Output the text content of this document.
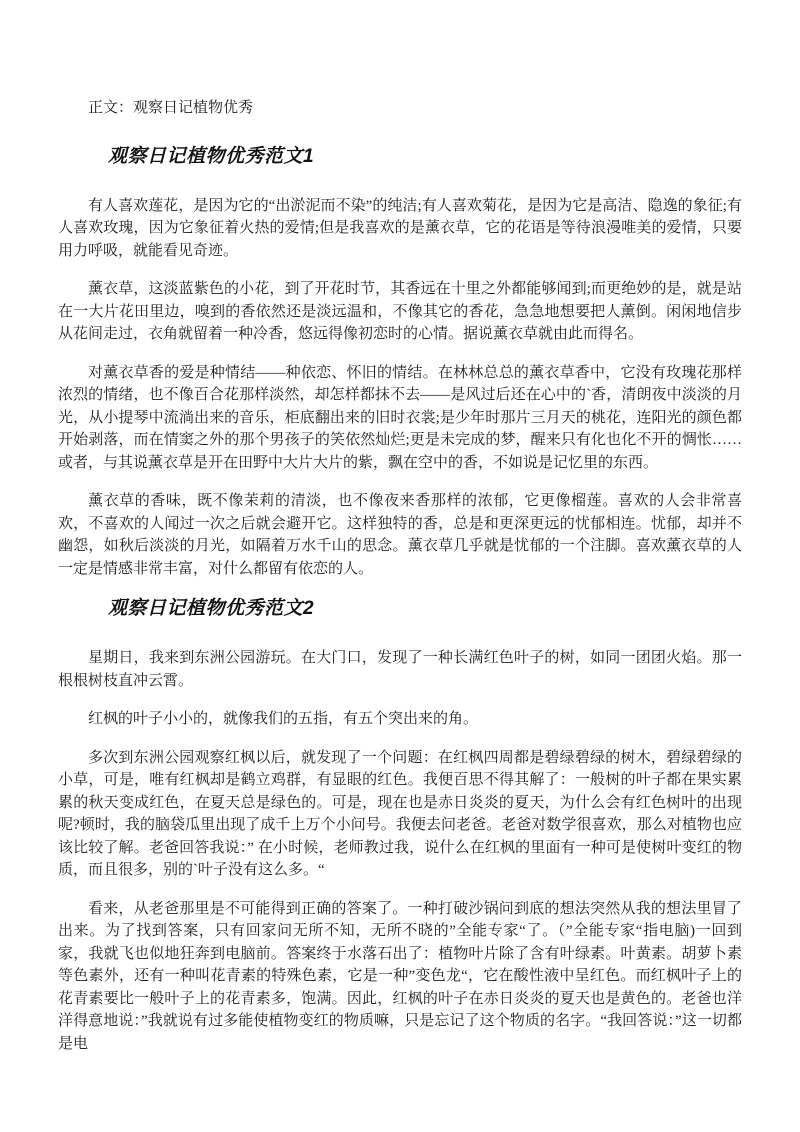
正文：观察日记植物优秀

观察日记植物优秀范文1

有人喜欢莲花，是因为它的“出淤泥而不染”的纯洁;有人喜欢菊花，是因为它是高洁、隐逸的象征;有人喜欢玫瑰，因为它象征着火热的爱情;但是我喜欢的是薰衣草，它的花语是等待浪漫唯美的爱情，只要用力呼吸，就能看见奇迹。

薰衣草，这淡蓝紫色的小花，到了开花时节，其香远在十里之外都能够闻到;而更绝妙的是，就是站在一大片花田里边，嗅到的香依然还是淡远温和，不像其它的香花，急急地想要把人薰倒。闲闲地信步从花间走过，衣角就留着一种冷香，悠远得像初恋时的心情。据说薰衣草就由此而得名。

对薰衣草香的爱是种情结——种依恋、怀旧的情结。在林林总总的薰衣草香中，它没有玫瑰花那样浓烈的情绪，也不像百合花那样淡然，却怎样都抹不去——是风过后还在心中的`香，清朗夜中淡淡的月光，从小提琴中流淌出来的音乐，柜底翻出来的旧时衣裳;是少年时那片三月天的桃花，连阳光的颜色都开始剥落，而在情窦之外的那个男孩子的笑依然灿烂;更是未完成的梦，醒来只有化也化不开的惆怅……或者，与其说薰衣草是开在田野中大片大片的紫，飘在空中的香，不如说是记忆里的东西。

薰衣草的香味，既不像茉莉的清淡，也不像夜来香那样的浓郁，它更像榴莲。喜欢的人会非常喜欢，不喜欢的人闻过一次之后就会避开它。这样独特的香，总是和更深更远的忧郁相连。忧郁，却并不幽怨，如秋后淡淡的月光，如隔着万水千山的思念。薰衣草几乎就是忧郁的一个注脚。喜欢薰衣草的人一定是情感非常丰富，对什么都留有依恋的人。

观察日记植物优秀范文2

星期日，我来到东洲公园游玩。在大门口，发现了一种长满红色叶子的树，如同一团团火焰。那一根根树枝直冲云霄。

红枫的叶子小小的，就像我们的五指，有五个突出来的角。

多次到东洲公园观察红枫以后，就发现了一个问题：在红枫四周都是碧绿碧绿的树木，碧绿碧绿的小草，可是，唯有红枫却是鹤立鸡群，有显眼的红色。我便百思不得其解了：一般树的叶子都在果实累累的秋天变成红色，在夏天总是绿色的。可是，现在也是赤日炎炎的夏天，为什么会有红色树叶的出现呢?顿时，我的脑袋瓜里出现了成千上万个小问号。我便去问老爸。老爸对数学很喜欢，那么对植物也应该比较了解。老爸回答我说：” 在小时候，老师教过我，说什么在红枫的里面有一种可是使树叶变红的物质，而且很多，别的`叶子没有这么多。“

看来，从老爸那里是不可能得到正确的答案了。一种打破沙锅问到底的想法突然从我的想法里冒了出来。为了找到答案，只有回家问无所不知，无所不晓的”全能专家“了。（”全能专家“指电脑)一回到家，我就飞也似地狂奔到电脑前。答案终于水落石出了：植物叶片除了含有叶绿素。叶黄素。胡萝卜素等色素外，还有一种叫花青素的特殊色素，它是一种”变色龙“，它在酸性液中呈红色。而红枫叶子上的花青素要比一般叶子上的花青素多，饱满。因此，红枫的叶子在赤日炎炎的夏天也是黄色的。老爸也洋洋得意地说：”我就说有过多能使植物变红的物质嘛，只是忘记了这个物质的名字。“我回答说：”这一切都是电
